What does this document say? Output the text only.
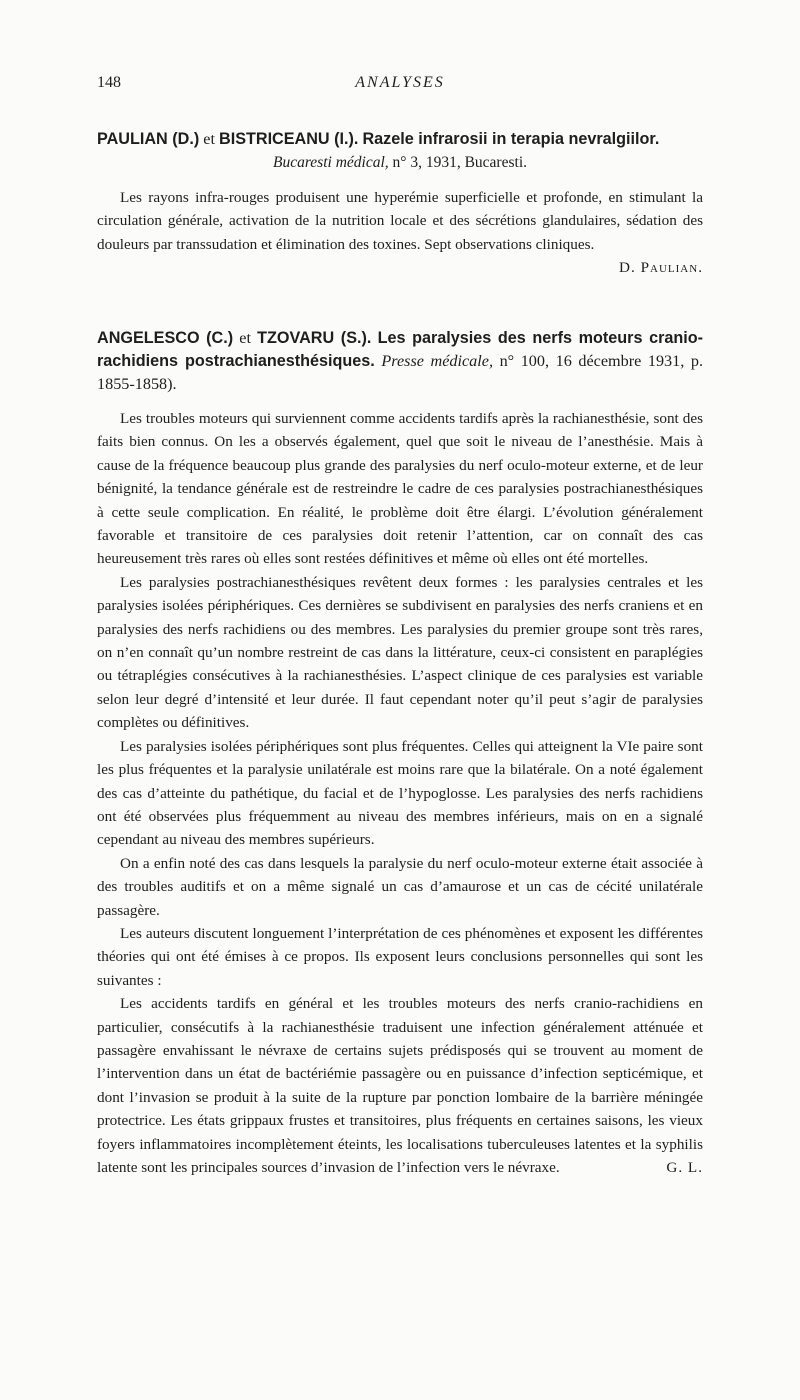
148	ANALYSES
PAULIAN (D.) et BISTRICEANU (I.). Razele infrarosii in terapia nevralgiilor.
Bucaresti médical, n° 3, 1931, Bucaresti.

Les rayons infra-rouges produisent une hyperémie superficielle et profonde, en stimulant la circulation générale, activation de la nutrition locale et des sécrétions glandulaires, sédation des douleurs par transsudation et élimination des toxines. Sept observations cliniques.
D. Paulian.

ANGELESCO (C.) et TZOVARU (S.). Les paralysies des nerfs moteurs cranio-rachidiens postrachianesthésiques. Presse médicale, n° 100, 16 décembre 1931, p. 1855-1858).

Les troubles moteurs qui surviennent comme accidents tardifs après la rachianesthésie, sont des faits bien connus. On les a observés également, quel que soit le niveau de l’anesthésie. Mais à cause de la fréquence beaucoup plus grande des paralysies du nerf oculo-moteur externe, et de leur bénignité, la tendance générale est de restreindre le cadre de ces paralysies postrachianesthésiques à cette seule complication. En réalité, le problème doit être élargi. L’évolution généralement favorable et transitoire de ces paralysies doit retenir l’attention, car on connaît des cas heureusement très rares où elles sont restées définitives et même où elles ont été mortelles.

Les paralysies postrachianesthésiques revêtent deux formes : les paralysies centrales et les paralysies isolées périphériques. Ces dernières se subdivisent en paralysies des nerfs craniens et en paralysies des nerfs rachidiens ou des membres. Les paralysies du premier groupe sont très rares, on n’en connaît qu’un nombre restreint de cas dans la littérature, ceux-ci consistent en paraplégies ou tétraplégies consécutives à la rachianesthésies. L’aspect clinique de ces paralysies est variable selon leur degré d’intensité et leur durée. Il faut cependant noter qu’il peut s’agir de paralysies complètes ou définitives.

Les paralysies isolées périphériques sont plus fréquentes. Celles qui atteignent la VIe paire sont les plus fréquentes et la paralysie unilatérale est moins rare que la bilatérale. On a noté également des cas d’atteinte du pathétique, du facial et de l’hypoglosse. Les paralysies des nerfs rachidiens ont été observées plus fréquemment au niveau des membres inférieurs, mais on en a signalé cependant au niveau des membres supérieurs.

On a enfin noté des cas dans lesquels la paralysie du nerf oculo-moteur externe était associée à des troubles auditifs et on a même signalé un cas d’amaurose et un cas de cécité unilatérale passagère.

Les auteurs discutent longuement l’interprétation de ces phénomènes et exposent les différentes théories qui ont été émises à ce propos. Ils exposent leurs conclusions personnelles qui sont les suivantes :

Les accidents tardifs en général et les troubles moteurs des nerfs cranio-rachidiens en particulier, consécutifs à la rachianesthésie traduisent une infection généralement atténuée et passagère envahissant le névraxe de certains sujets prédisposés qui se trouvent au moment de l’intervention dans un état de bactériémie passagère ou en puissance d’infection septicémique, et dont l’invasion se produit à la suite de la rupture par ponction lombaire de la barrière méningée protectrice. Les états grippaux frustes et transitoires, plus fréquents en certaines saisons, les vieux foyers inflammatoires incomplètement éteints, les localisations tuberculeuses latentes et la syphilis latente sont les principales sources d’invasion de l’infection vers le névraxe.	G. L.
